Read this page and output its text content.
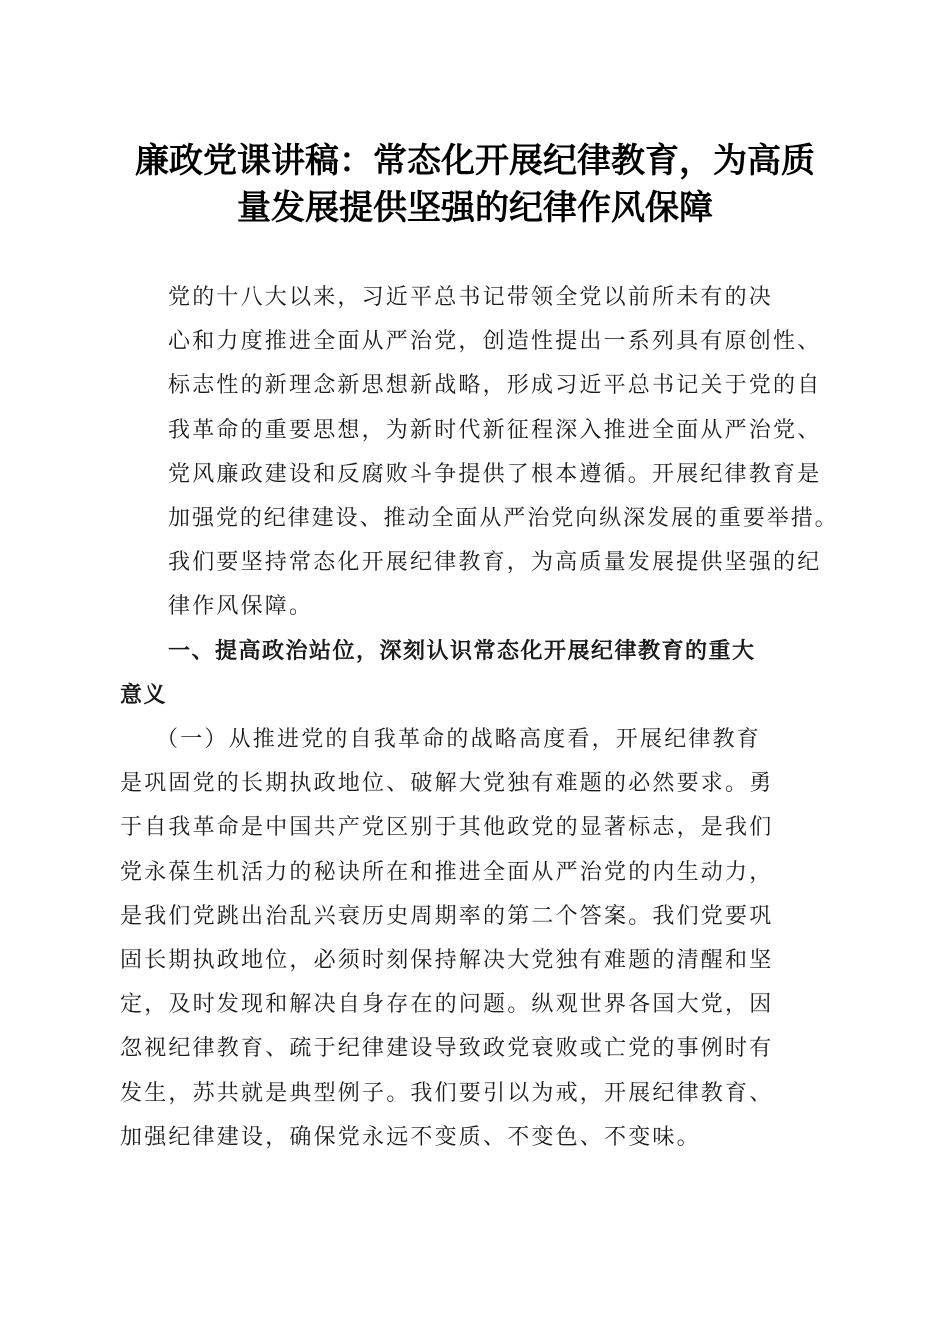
廉政党课讲稿：常态化开展纪律教育，为高质
量发展提供坚强的纪律作风保障

党的十八大以来，习近平总书记带领全党以前所未有的决
心和力度推进全面从严治党，创造性提出一系列具有原创性、
标志性的新理念新思想新战略，形成习近平总书记关于党的自
我革命的重要思想，为新时代新征程深入推进全面从严治党、
党风廉政建设和反腐败斗争提供了根本遵循。开展纪律教育是
加强党的纪律建设、推动全面从严治党向纵深发展的重要举措。
我们要坚持常态化开展纪律教育，为高质量发展提供坚强的纪
律作风保障。

一、提高政治站位，深刻认识常态化开展纪律教育的重大
意义

（一）从推进党的自我革命的战略高度看，开展纪律教育
是巩固党的长期执政地位、破解大党独有难题的必然要求。勇
于自我革命是中国共产党区别于其他政党的显著标志，是我们
党永葆生机活力的秘诀所在和推进全面从严治党的内生动力，
是我们党跳出治乱兴衰历史周期率的第二个答案。我们党要巩
固长期执政地位，必须时刻保持解决大党独有难题的清醒和坚
定，及时发现和解决自身存在的问题。纵观世界各国大党，因
忽视纪律教育、疏于纪律建设导致政党衰败或亡党的事例时有
发生，苏共就是典型例子。我们要引以为戒，开展纪律教育、
加强纪律建设，确保党永远不变质、不变色、不变味。
